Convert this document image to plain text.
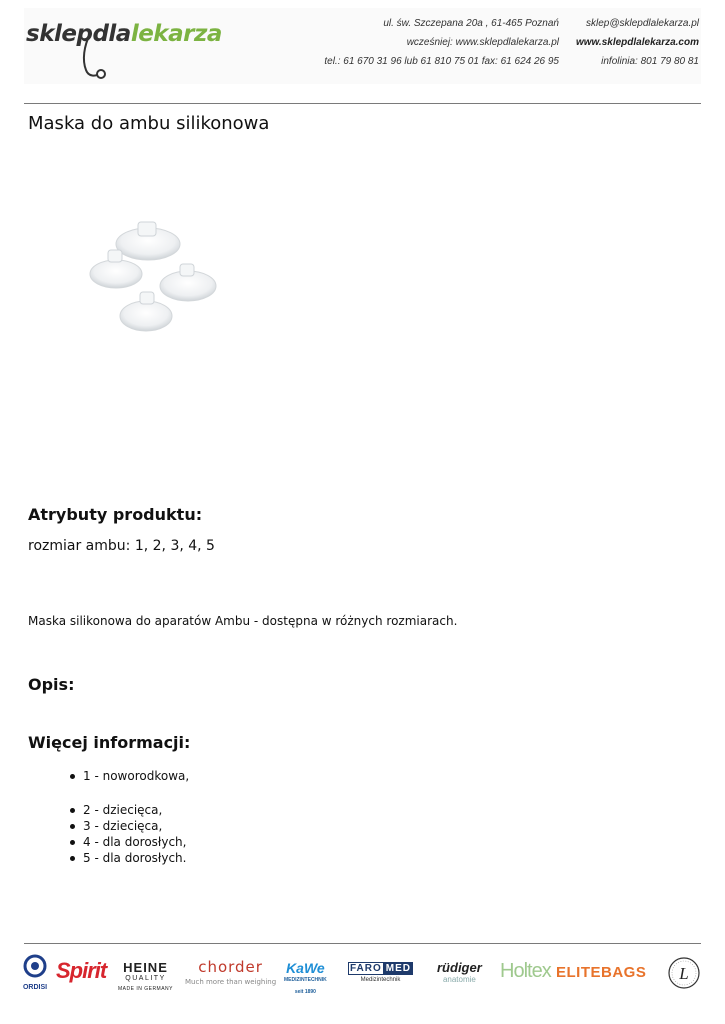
skle p dla lekarza	ul. św. Szczepana 20a , 61-465 Poznań
wcześniej: www.sklepdlalekarza.pl
tel.: 61 670 31 96 lub 61 810 75 01 fax: 61 624 26 95
sklep@sklepdlalekarza.pl
www.sklepdlalekarza.com
infolinia: 801 79 80 81
Maska do ambu silikonowa
Atrybuty produktu:
rozmiar ambu: 1, 2, 3, 4, 5

Maska silikonowa do aparatów Ambu - dostępna w różnych rozmiarach.

Opis:
Więcej informacji:
1 - noworodkowa,
2 - dziecięca,
3 - dziecięca,
4 - dla dorosłych,
5 - dla dorosłych.
ORDISI
Spirit HEINE
QUALITY
MADE IN GERMANY
chorder
Much more than weighing
KaWe
MEDIZINTECHNIK
seit 1890
FARO MED
Medizintechnik
rüdiger
anatomie Holtex ELITEBAGS L
